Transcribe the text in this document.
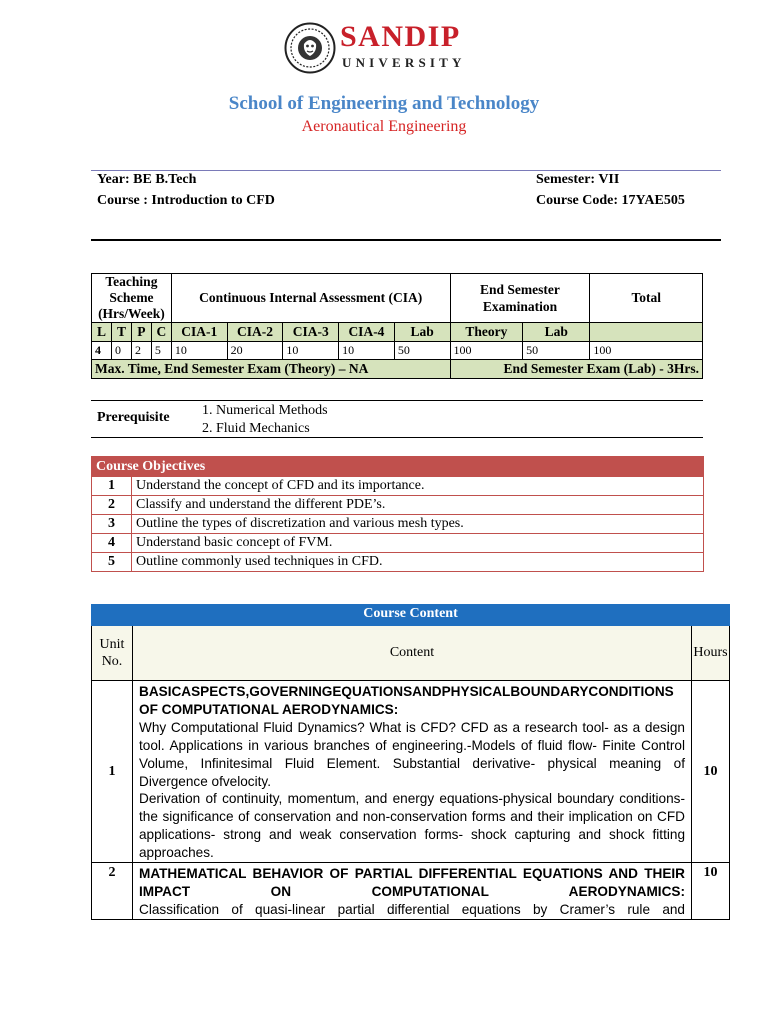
SANDIP
UNIVERSITY
School of Engineering and Technology
Aeronautical Engineering
Year: BE B.Tech	Semester: VII
Course : Introduction to CFD	Course Code: 17YAE505
Teaching Scheme (Hrs/Week)				Continuous Internal Assessment (CIA)					End Semester Examination		Total
L	T	P	C	CIA-1	CIA-2	CIA-3	CIA-4	Lab	Theory	Lab	
4	0	2	5	10	20	10	10	50	100	50	100
Max. Time, End Semester Exam (Theory) – NA									End Semester Exam (Lab) - 3Hrs.		
Prerequisite 1. Numerical Methods
2. Fluid Mechanics
Course Objectives	
1	Understand the concept of CFD and its importance.
2	Classify and understand the different PDE’s.
3	Outline the types of discretization and various mesh types.
4	Understand basic concept of FVM.
5	Outline commonly used techniques in CFD.
Course Content		
Unit No.	Content	Hours
1	BASICASPECTS,GOVERNINGEQUATIONSANDPHYSICALBOUNDARYCONDITIONS OF COMPUTATIONAL AERODYNAMICS:
Why Computational Fluid Dynamics? What is CFD? CFD as a research tool- as a design tool. Applications in various branches of engineering.-Models of fluid flow- Finite Control Volume, Infinitesimal Fluid Element. Substantial derivative- physical meaning of Divergence ofvelocity.
Derivation of continuity, momentum, and energy equations-physical boundary conditions- the significance of conservation and non-conservation forms and their implication on CFD applications- strong and weak conservation forms- shock capturing and shock fitting approaches.	10
2	MATHEMATICAL BEHAVIOR OF PARTIAL DIFFERENTIAL EQUATIONS AND THEIR IMPACT ON COMPUTATIONAL AERODYNAMICS:
Classification of quasi-linear partial differential equations by Cramer’s rule and	10
